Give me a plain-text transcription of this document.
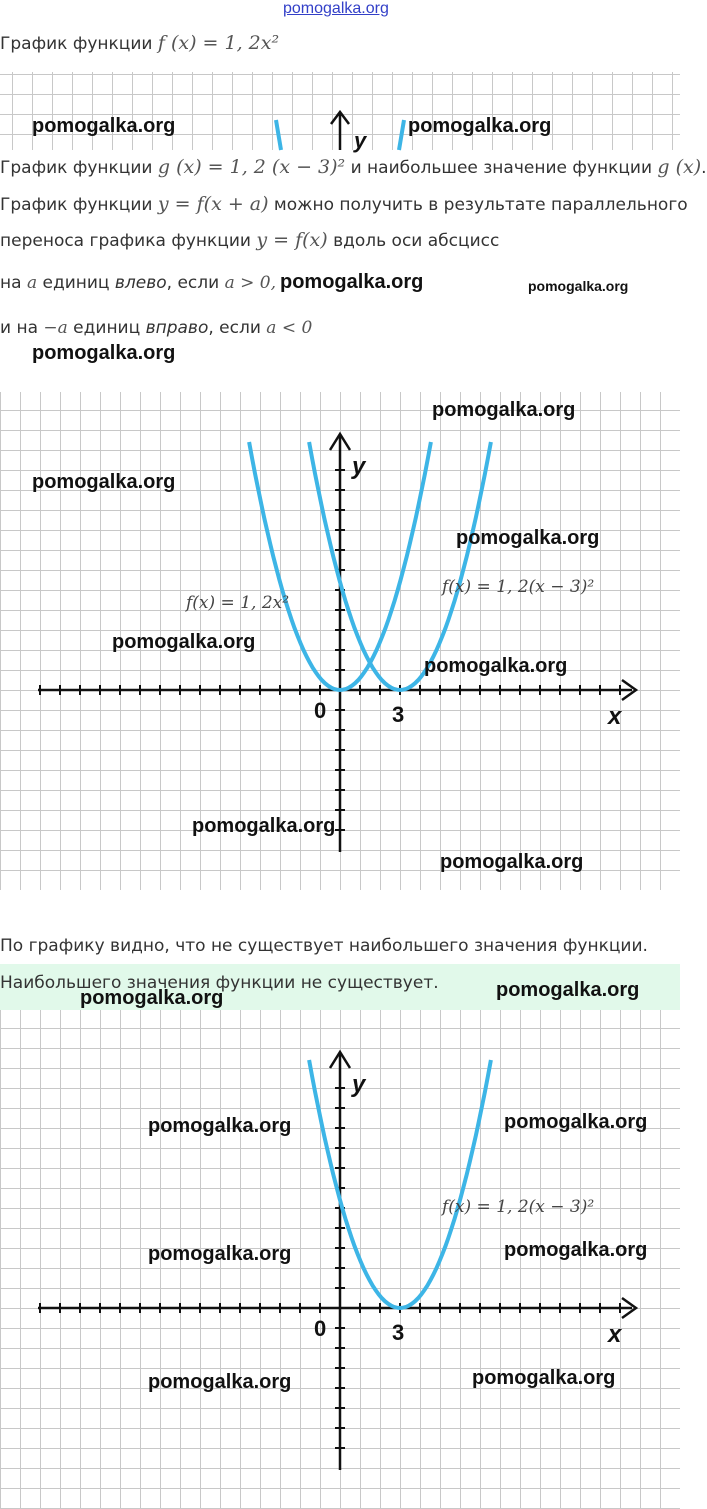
pomogalka.org
График функции f (x) = 1, 2x²
y
pomogalka.org	pomogalka.org
График функции g (x) = 1, 2 (x − 3)² и наибольшее значение функции g (x).
График функции y = f(x + a) можно получить в результате параллельного
переноса графика функции y = f(x) вдоль оси абсцисс
на a единиц влево, если a > 0, pomogalka.org	pomogalka.org
и на −a единиц вправо, если a < 0
pomogalka.org
y
x
0	3
f(x) = 1, 2x²
f(x) = 1, 2(x − 3)²
pomogalka.org
pomogalka.org
pomogalka.org
pomogalka.org
pomogalka.org
pomogalka.org
pomogalka.org
По графику видно, что не существует наибольшего значения функции.
Наибольшего значения функции не существует.
pomogalka.org	pomogalka.org
y
x
0	3
f(x) = 1, 2(x − 3)²
pomogalka.org	pomogalka.org
pomogalka.org	pomogalka.org
pomogalka.org	pomogalka.org
